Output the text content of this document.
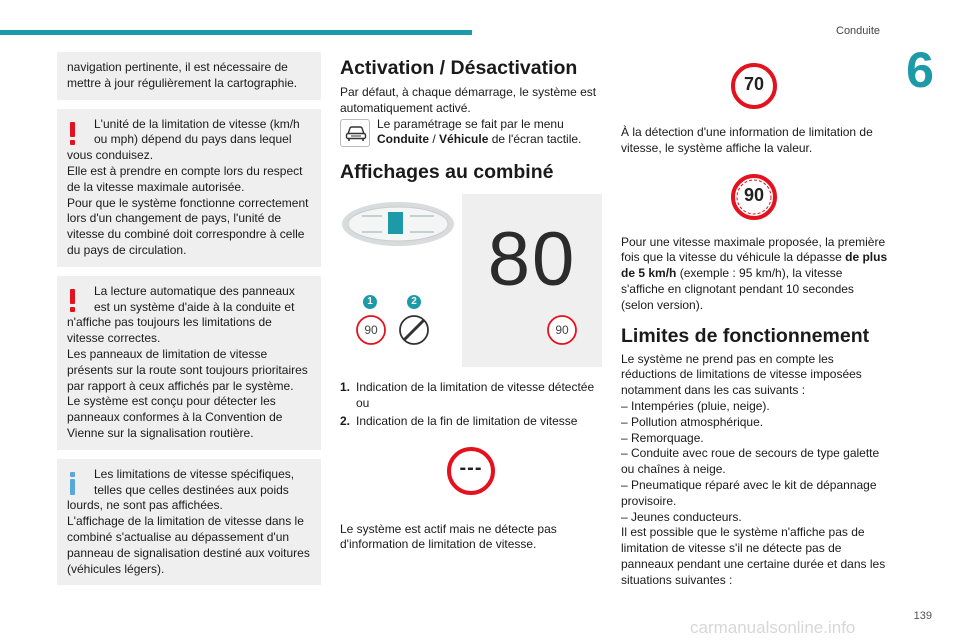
Conduite
6
navigation pertinente, il est nécessaire de mettre à jour régulièrement la cartographie.
L'unité de la limitation de vitesse (km/h ou mph) dépend du pays dans lequel
vous conduisez.
Elle est à prendre en compte lors du respect de la vitesse maximale autorisée.
Pour que le système fonctionne correctement lors d'un changement de pays, l'unité de vitesse du combiné doit correspondre à celle du pays de circulation.
La lecture automatique des panneaux est un système d'aide à la conduite et
n'affiche pas toujours les limitations de vitesse correctes.
Les panneaux de limitation de vitesse présents sur la route sont toujours prioritaires par rapport à ceux affichés par le système.
Le système est conçu pour détecter les panneaux conformes à la Convention de Vienne sur la signalisation routière.
Les limitations de vitesse spécifiques, telles que celles destinées aux poids
lourds, ne sont pas affichées.
L'affichage de la limitation de vitesse dans le combiné s'actualise au dépassement d'un panneau de signalisation destiné aux voitures (véhicules légers).
Activation / Désactivation
Par défaut, à chaque démarrage, le système est automatiquement activé.
Le paramétrage se fait par le menu
Conduite / Véhicule de l'écran tactile.
Affichages au combiné
1	2
90
80
90
1. Indication de la limitation de vitesse détectée ou
2. Indication de la fin de limitation de vitesse
---
Le système est actif mais ne détecte pas d'information de limitation de vitesse.
70
À la détection d'une information de limitation de vitesse, le système affiche la valeur.
90
Pour une vitesse maximale proposée, la première fois que la vitesse du véhicule la dépasse de plus de 5 km/h (exemple : 95 km/h), la vitesse s'affiche en clignotant pendant 10 secondes (selon version).
Limites de fonctionnement
Le système ne prend pas en compte les réductions de limitations de vitesse imposées notamment dans les cas suivants :
– Intempéries (pluie, neige).
– Pollution atmosphérique.
– Remorquage.
– Conduite avec roue de secours de type galette ou chaînes à neige.
– Pneumatique réparé avec le kit de dépannage provisoire.
– Jeunes conducteurs.
Il est possible que le système n'affiche pas de limitation de vitesse s'il ne détecte pas de panneaux pendant une certaine durée et dans les situations suivantes :
139
carmanualsonline.info
